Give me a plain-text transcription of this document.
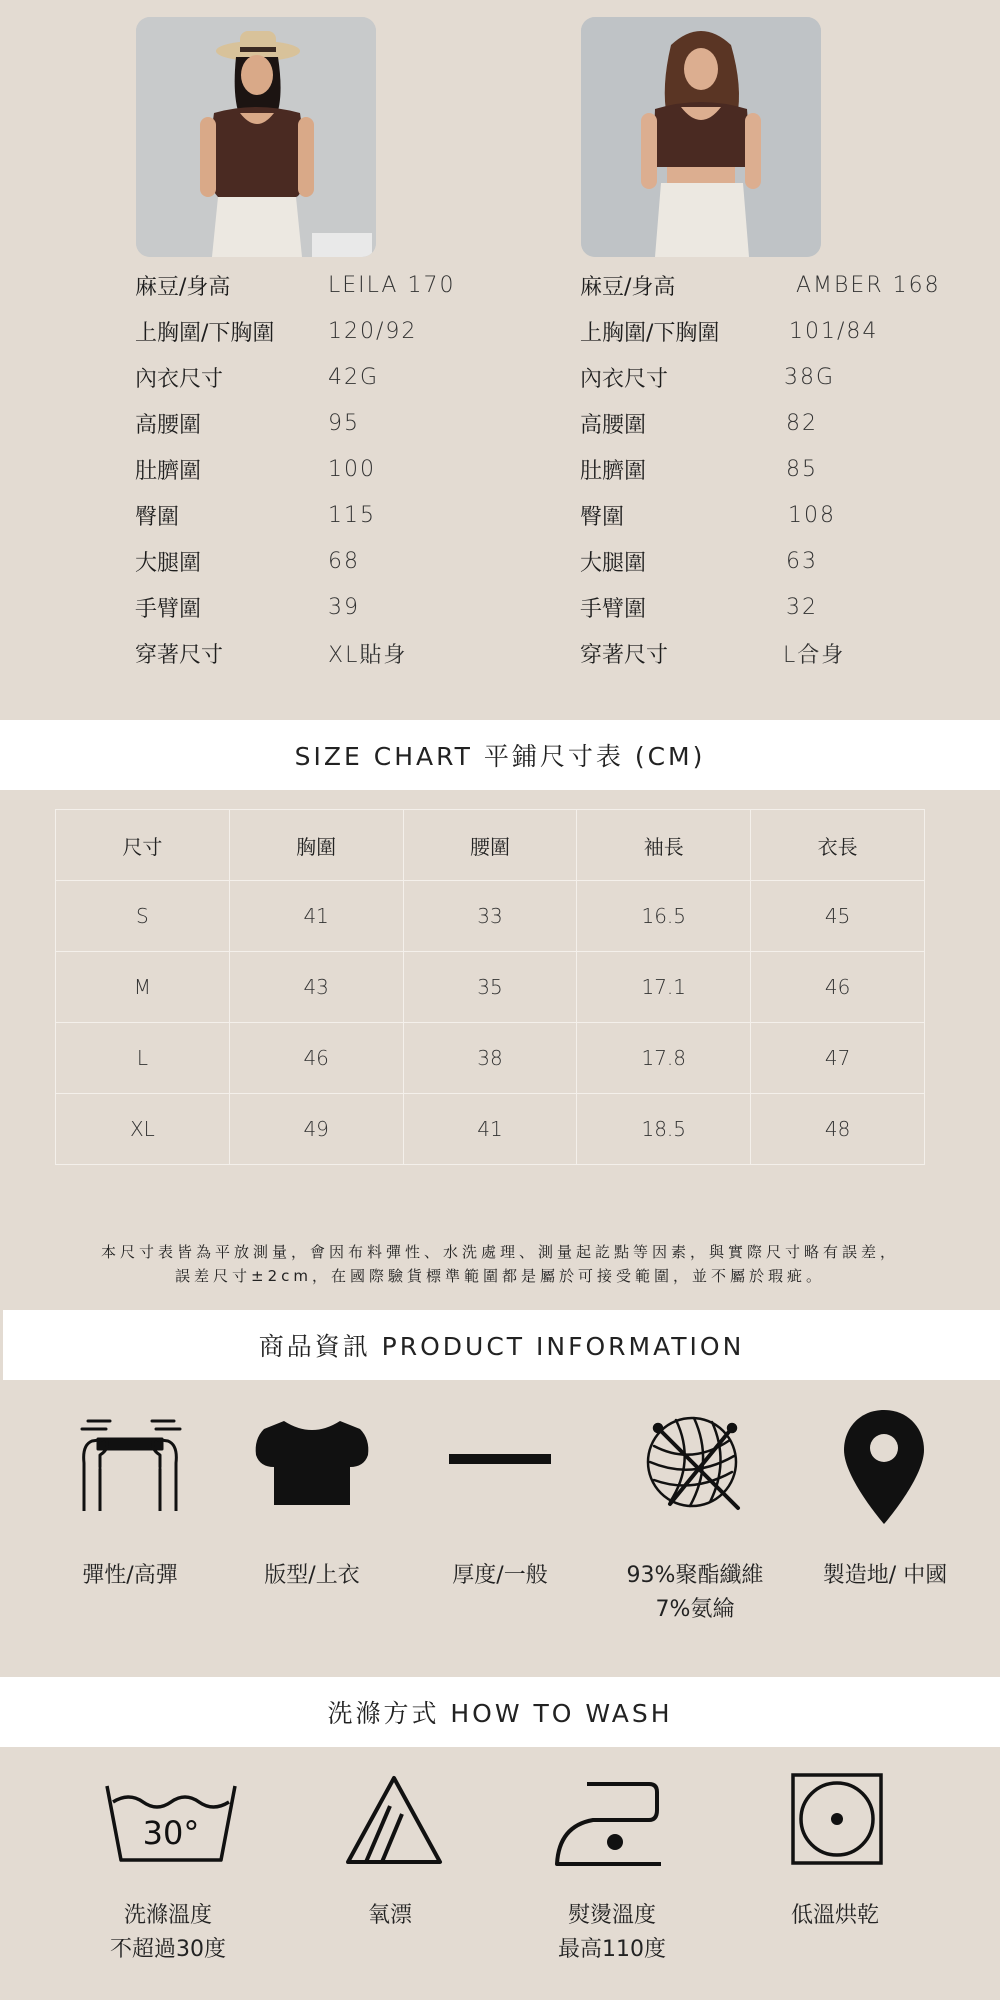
麻豆/身高	LEILA 170
上胸圍/下胸圍 120/92
內衣尺寸	42G
高腰圍	95
肚臍圍	100
臀圍	115
大腿圍	68
手臂圍	39
穿著尺寸	XL貼身
麻豆/身高	AMBER 168
上胸圍/下胸圍	101/84
內衣尺寸	38G
高腰圍	82
肚臍圍	85
臀圍	108
大腿圍	63
手臂圍	32
穿著尺寸	L合身
SIZE CHART 平鋪尺寸表 (CM)
尺寸	胸圍	腰圍	袖長	衣長
S	41	33	16.5	45
M	43	35	17.1	46
L	46	38	17.8	47
XL	49	41	18.5	48
本尺寸表皆為平放測量，會因布料彈性、水洗處理、測量起訖點等因素，與實際尺寸略有誤差，
誤差尺寸±2cm，在國際驗貨標準範圍都是屬於可接受範圍，並不屬於瑕疵。
商品資訊 PRODUCT INFORMATION
彈性/高彈	版型/上衣	厚度/一般	93%聚酯纖維
7%氨綸
製造地/ 中國
洗滌方式 HOW TO WASH
30°
洗滌溫度
不超過30度
氧漂	熨燙溫度
最高110度
低溫烘乾
